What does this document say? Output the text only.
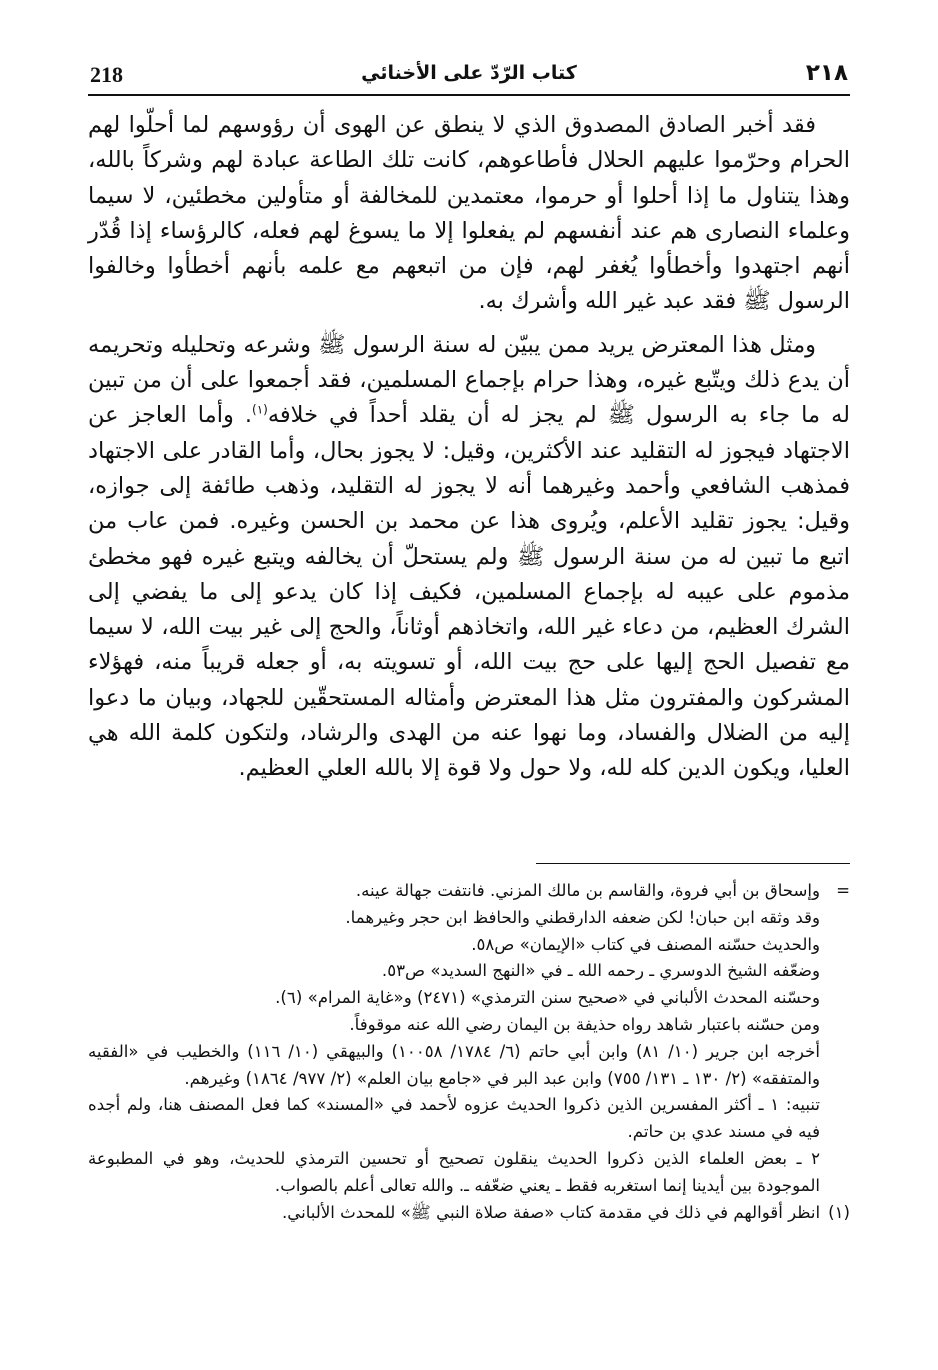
218	كتاب الرّدّ على الأخنائي	٢١٨

فقد أخبر الصادق المصدوق الذي لا ينطق عن الهوى أن رؤوسهم لما أحلّوا لهم الحرام وحرّموا عليهم الحلال فأطاعوهم، كانت تلك الطاعة عبادة لهم وشركاً بالله، وهذا يتناول ما إذا أحلوا أو حرموا، معتمدين للمخالفة أو متأولين مخطئين، لا سيما وعلماء النصارى هم عند أنفسهم لم يفعلوا إلا ما يسوغ لهم فعله، كالرؤساء إذا قُدّر أنهم اجتهدوا وأخطأوا يُغفر لهم، فإن من اتبعهم مع علمه بأنهم أخطأوا وخالفوا الرسول ﷺ فقد عبد غير الله وأشرك به.

ومثل هذا المعترض يريد ممن يبيّن له سنة الرسول ﷺ وشرعه وتحليله وتحريمه أن يدع ذلك ويتّبع غيره، وهذا حرام بإجماع المسلمين، فقد أجمعوا على أن من تبين له ما جاء به الرسول ﷺ لم يجز له أن يقلد أحداً في خلافه$^{(١)}$. وأما العاجز عن الاجتهاد فيجوز له التقليد عند الأكثرين، وقيل: لا يجوز بحال، وأما القادر على الاجتهاد فمذهب الشافعي وأحمد وغيرهما أنه لا يجوز له التقليد، وذهب طائفة إلى جوازه، وقيل: يجوز تقليد الأعلم، ويُروى هذا عن محمد بن الحسن وغيره. فمن عاب من اتبع ما تبين له من سنة الرسول ﷺ ولم يستحلّ أن يخالفه ويتبع غيره فهو مخطئ مذموم على عيبه له بإجماع المسلمين، فكيف إذا كان يدعو إلى ما يفضي إلى الشرك العظيم، من دعاء غير الله، واتخاذهم أوثاناً، والحج إلى غير بيت الله، لا سيما مع تفصيل الحج إليها على حج بيت الله، أو تسويته به، أو جعله قريباً منه، فهؤلاء المشركون والمفترون مثل هذا المعترض وأمثاله المستحقّين للجهاد، وبيان ما دعوا إليه من الضلال والفساد، وما نهوا عنه من الهدى والرشاد، ولتكون كلمة الله هي العليا، ويكون الدين كله لله، ولا حول ولا قوة إلا بالله العلي العظيم.

=
وإسحاق بن أبي فروة، والقاسم بن مالك المزني. فانتفت جهالة عينه.
وقد وثقه ابن حبان! لكن ضعفه الدارقطني والحافظ ابن حجر وغيرهما.
والحديث حسّنه المصنف في كتاب «الإيمان» ص٥٨.
وضعّفه الشيخ الدوسري ـ رحمه الله ـ في «النهج السديد» ص٥٣.
وحسّنه المحدث الألباني في «صحيح سنن الترمذي» (٢٤٧١) و«غاية المرام» (٦).
ومن حسّنه باعتبار شاهد رواه حذيفة بن اليمان رضي الله عنه موقوفاً.
أخرجه ابن جرير (١٠/ ٨١) وابن أبي حاتم (٦/ ١٧٨٤/ ١٠٠٥٨) والبيهقي (١٠/ ١١٦) والخطيب في «الفقيه والمتفقه» (٢/ ١٣٠ ـ ١٣١/ ٧٥٥) وابن عبد البر في «جامع بيان العلم» (٢/ ٩٧٧/ ١٨٦٤) وغيرهم.
تنبيه: ١ ـ أكثر المفسرين الذين ذكروا الحديث عزوه لأحمد في «المسند» كما فعل المصنف هنا، ولم أجده فيه في مسند عدي بن حاتم.
٢ ـ بعض العلماء الذين ذكروا الحديث ينقلون تصحيح أو تحسين الترمذي للحديث، وهو في المطبوعة الموجودة بين أيدينا إنما استغربه فقط ـ يعني ضعّفه ـ. والله تعالى أعلم بالصواب.
(١)
انظر أقوالهم في ذلك في مقدمة كتاب «صفة صلاة النبي ﷺ» للمحدث الألباني.
